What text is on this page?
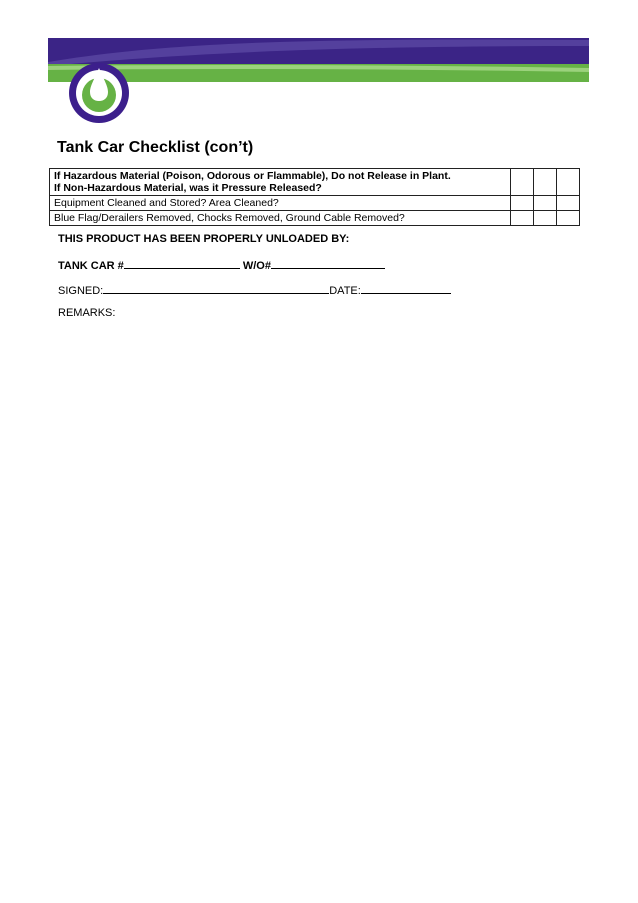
Tank Car Checklist (con’t)
If Hazardous Material (Poison, Odorous or Flammable), Do not Release in Plant.
If Non-Hazardous Material, was it Pressure Released?			

Equipment Cleaned and Stored? Area Cleaned?			
Blue Flag/Derailers Removed, Chocks Removed, Ground Cable Removed?			
THIS PRODUCT HAS BEEN PROPERLY UNLOADED BY:
TANK CAR #	W/O#
SIGNED:	DATE:
REMARKS:
